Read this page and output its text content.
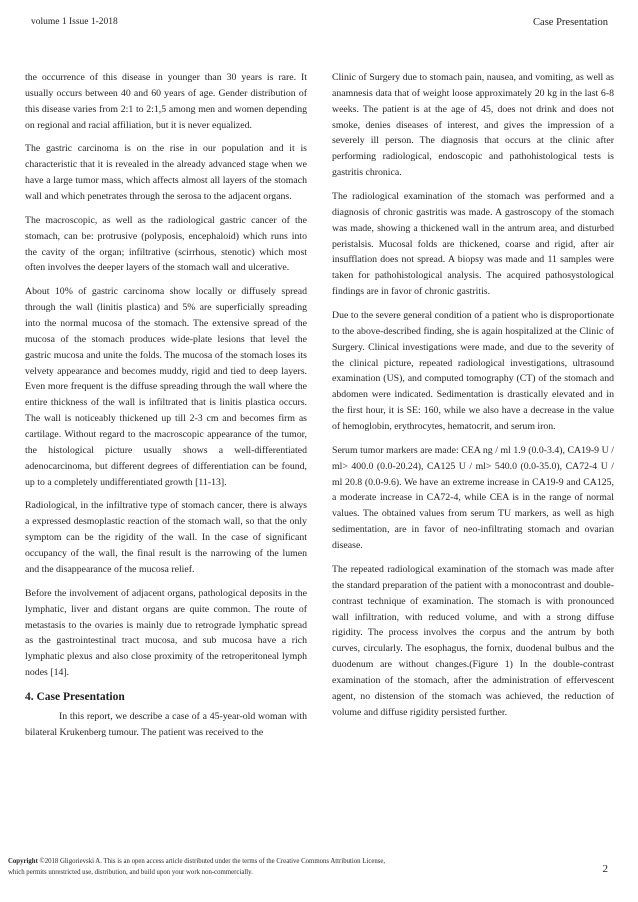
volume 1 Issue 1-2018	Case Presentation

the occurrence of this disease in younger than 30 years is rare. It usually occurs between 40 and 60 years of age. Gender distribution of this disease varies from 2:1 to 2:1,5 among men and women depending on regional and racial affiliation, but it is never equalized.

The gastric carcinoma is on the rise in our population and it is characteristic that it is revealed in the already advanced stage when we have a large tumor mass, which affects almost all layers of the stomach wall and which penetrates through the serosa to the adjacent organs.

The macroscopic, as well as the radiological gastric cancer of the stomach, can be: protrusive (polyposis, encephaloid) which runs into the cavity of the organ; infiltrative (scirrhous, stenotic) which most often involves the deeper layers of the stomach wall and ulcerative.

About 10% of gastric carcinoma show locally or diffusely spread through the wall (linitis plastica) and 5% are superficially spreading into the normal mucosa of the stomach. The extensive spread of the mucosa of the stomach produces wide-plate lesions that level the gastric mucosa and unite the folds. The mucosa of the stomach loses its velvety appearance and becomes muddy, rigid and tied to deep layers. Even more frequent is the diffuse spreading through the wall where the entire thickness of the wall is infiltrated that is linitis plastica occurs. The wall is noticeably thickened up till 2-3 cm and becomes firm as cartilage. Without regard to the macroscopic appearance of the tumor, the histological picture usually shows a well-differentiated adenocarcinoma, but different degrees of differentiation can be found, up to a completely undifferentiated growth [11-13].

Radiological, in the infiltrative type of stomach cancer, there is always a expressed desmoplastic reaction of the stomach wall, so that the only symptom can be the rigidity of the wall. In the case of significant occupancy of the wall, the final result is the narrowing of the lumen and the disappearance of the mucosa relief.

Before the involvement of adjacent organs, pathological deposits in the lymphatic, liver and distant organs are quite common. The route of metastasis to the ovaries is mainly due to retrograde lymphatic spread as the gastrointestinal tract mucosa, and sub mucosa have a rich lymphatic plexus and also close proximity of the retroperitoneal lymph nodes [14].

4. Case Presentation

In this report, we describe a case of a 45-year-old woman with bilateral Krukenberg tumour. The patient was received to the

Clinic of Surgery due to stomach pain, nausea, and vomiting, as well as anamnesis data that of weight loose approximately 20 kg in the last 6-8 weeks. The patient is at the age of 45, does not drink and does not smoke, denies diseases of interest, and gives the impression of a severely ill person. The diagnosis that occurs at the clinic after performing radiological, endoscopic and pathohistological tests is gastritis chronica.

The radiological examination of the stomach was performed and a diagnosis of chronic gastritis was made. A gastroscopy of the stomach was made, showing a thickened wall in the antrum area, and disturbed peristalsis. Mucosal folds are thickened, coarse and rigid, after air insufflation does not spread. A biopsy was made and 11 samples were taken for pathohistological analysis. The acquired pathosystological findings are in favor of chronic gastritis.

Due to the severe general condition of a patient who is disproportionate to the above-described finding, she is again hospitalized at the Clinic of Surgery. Clinical investigations were made, and due to the severity of the clinical picture, repeated radiological investigations, ultrasound examination (US), and computed tomography (CT) of the stomach and abdomen were indicated. Sedimentation is drastically elevated and in the first hour, it is SE: 160, while we also have a decrease in the value of hemoglobin, erythrocytes, hematocrit, and serum iron.

Serum tumor markers are made: CEA ng / ml 1.9 (0.0-3.4), CA19-9 U / ml> 400.0 (0.0-20.24), CA125 U / ml> 540.0 (0.0-35.0), CA72-4 U / ml 20.8 (0.0-9.6). We have an extreme increase in CA19-9 and CA125, a moderate increase in CA72-4, while CEA is in the range of normal values. The obtained values from serum TU markers, as well as high sedimentation, are in favor of neo-infiltrating stomach and ovarian disease.

The repeated radiological examination of the stomach was made after the standard preparation of the patient with a monocontrast and double-contrast technique of examination. The stomach is with pronounced wall infiltration, with reduced volume, and with a strong diffuse rigidity. The process involves the corpus and the antrum by both curves, circularly. The esophagus, the fornix, duodenal bulbus and the duodenum are without changes.(Figure 1) In the double-contrast examination of the stomach, after the administration of effervescent agent, no distension of the stomach was achieved, the reduction of volume and diffuse rigidity persisted further.

Copyright ©2018 Gligorievski A. This is an open access article distributed under the terms of the Creative Commons Attribution License,
which permits unrestricted use, distribution, and build upon your work non-commercially.	2
